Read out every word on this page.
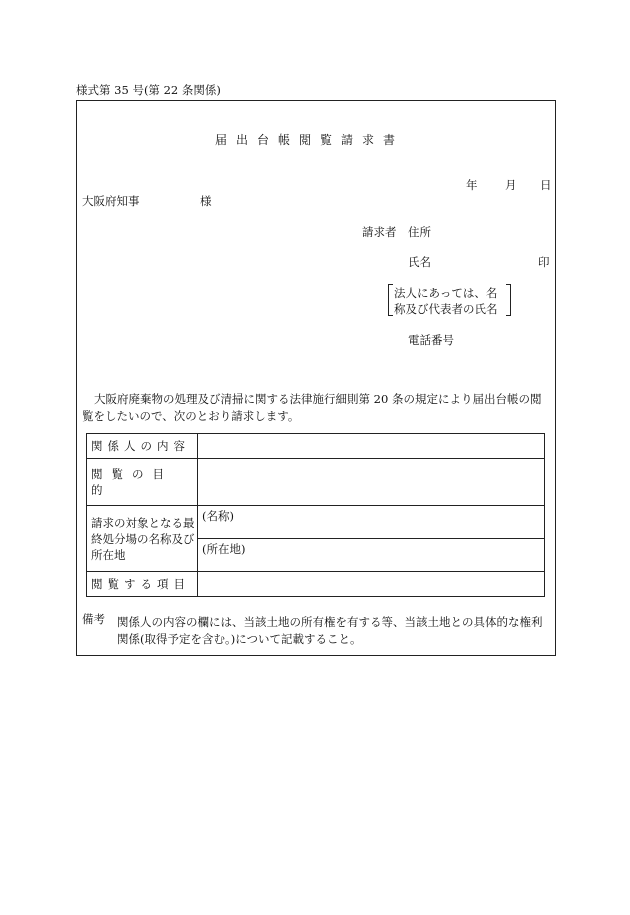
様式第 35 号(第 22 条関係)
届出台帳閲覧請求書
年 月 日
大阪府知事	様
請求者 住所
氏名	印
法人にあっては、名称及び代表者の氏名
電話番号
大阪府廃棄物の処理及び清掃に関する法律施行細則第 20 条の規定により届出台帳の閲覧をしたいので、次のとおり請求します。
関係人の内容	
閲覧の目的	
請求の対象となる最終処分場の名称及び所在地	(名称)
	(所在地)
閲覧する項目	
備考 関係人の内容の欄には、当該土地の所有権を有する等、当該土地との具体的な権利関係(取得予定を含む。)について記載すること。
